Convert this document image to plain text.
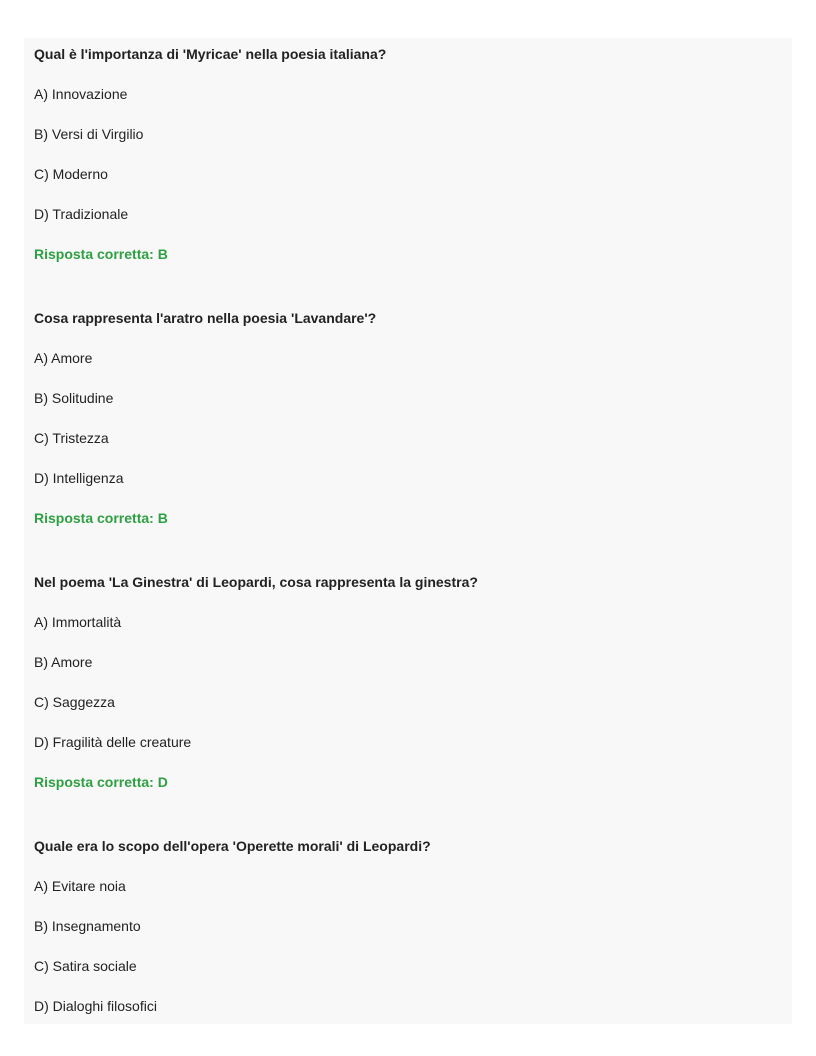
Qual è l'importanza di 'Myricae' nella poesia italiana?

A) Innovazione

B) Versi di Virgilio

C) Moderno

D) Tradizionale

Risposta corretta: B

Cosa rappresenta l'aratro nella poesia 'Lavandare'?

A) Amore

B) Solitudine

C) Tristezza

D) Intelligenza

Risposta corretta: B

Nel poema 'La Ginestra' di Leopardi, cosa rappresenta la ginestra?

A) Immortalità

B) Amore

C) Saggezza

D) Fragilità delle creature

Risposta corretta: D

Quale era lo scopo dell'opera 'Operette morali' di Leopardi?

A) Evitare noia

B) Insegnamento

C) Satira sociale

D) Dialoghi filosofici
